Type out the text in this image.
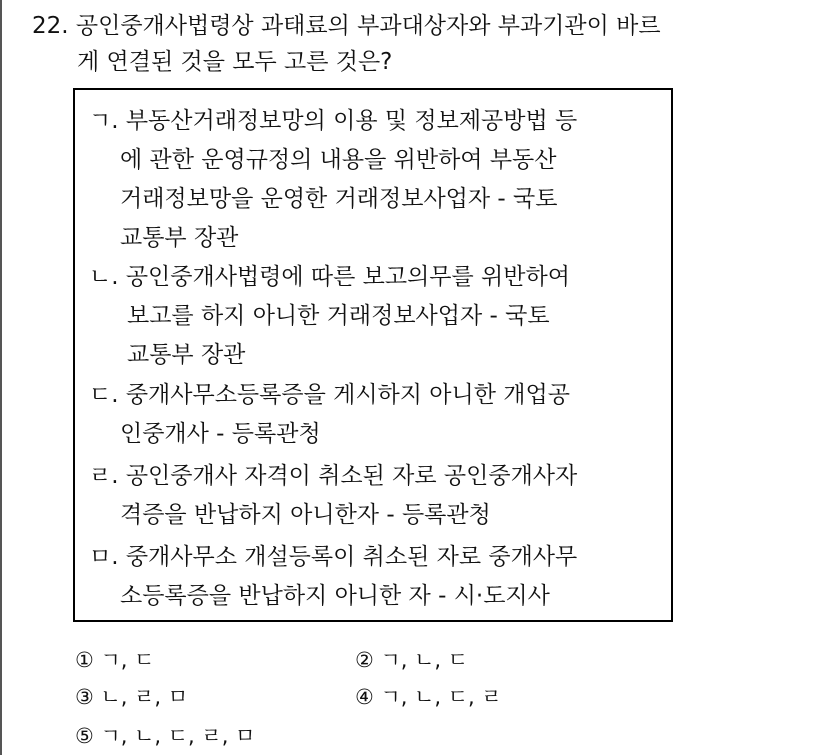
22. 공인중개사법령상 과태료의 부과대상자와 부과기관이 바르
게 연결된 것을 모두 고른 것은?
ㄱ. 부동산거래정보망의 이용 및 정보제공방법 등
에 관한 운영규정의 내용을 위반하여 부동산
거래정보망을 운영한 거래정보사업자 - 국토
교통부 장관
ㄴ. 공인중개사법령에 따른 보고의무를 위반하여
보고를 하지 아니한 거래정보사업자 - 국토
교통부 장관
ㄷ. 중개사무소등록증을 게시하지 아니한 개업공
인중개사 - 등록관청
ㄹ. 공인중개사 자격이 취소된 자로 공인중개사자
격증을 반납하지 아니한자 - 등록관청
ㅁ. 중개사무소 개설등록이 취소된 자로 중개사무
소등록증을 반납하지 아니한 자 - 시·도지사
① ㄱ, ㄷ	② ㄱ, ㄴ, ㄷ
③ ㄴ, ㄹ, ㅁ	④ ㄱ, ㄴ, ㄷ, ㄹ
⑤ ㄱ, ㄴ, ㄷ, ㄹ, ㅁ
